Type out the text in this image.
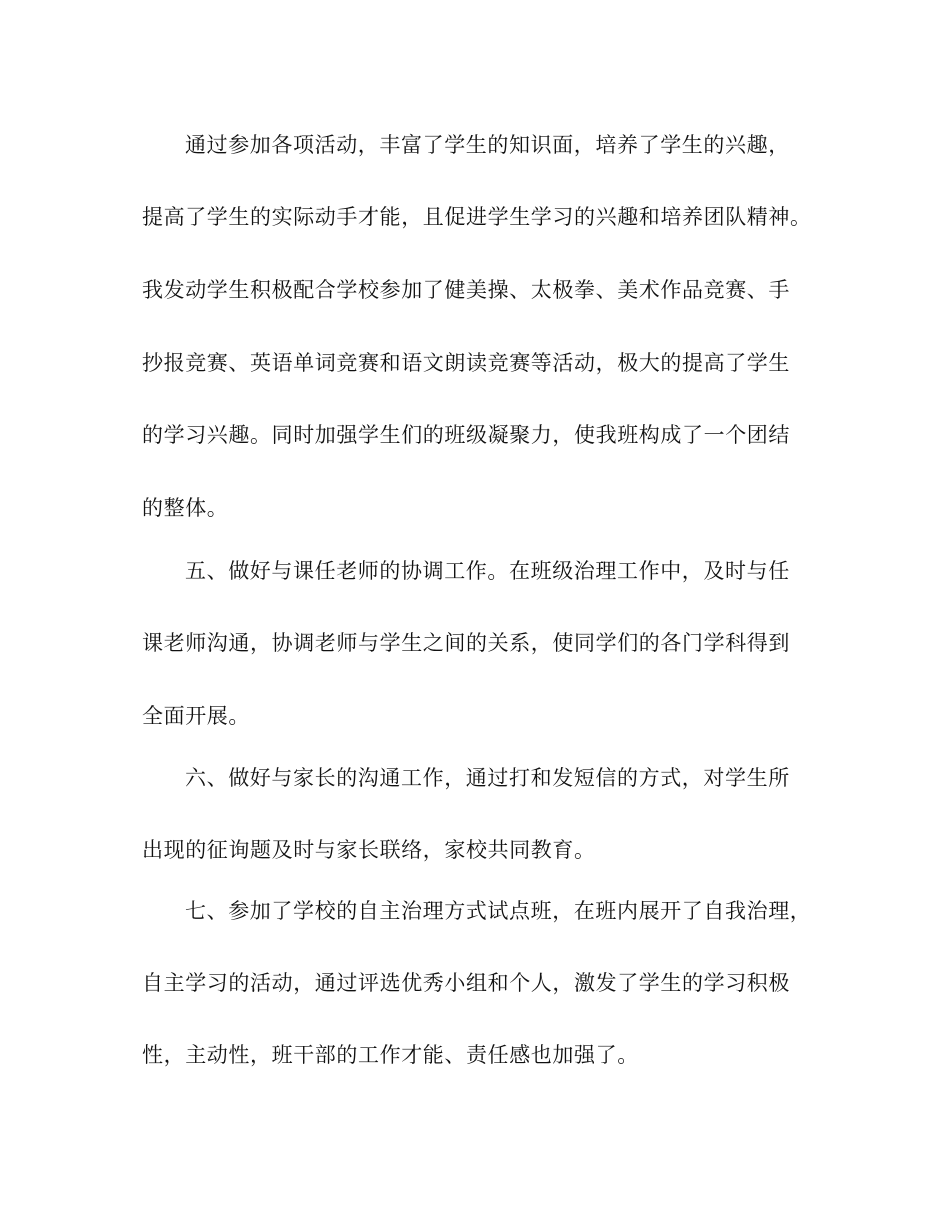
通过参加各项活动，丰富了学生的知识面，培养了学生的兴趣，
提高了学生的实际动手才能，且促进学生学习的兴趣和培养团队精神。
我发动学生积极配合学校参加了健美操、太极拳、美术作品竞赛、手
抄报竞赛、英语单词竞赛和语文朗读竞赛等活动，极大的提高了学生
的学习兴趣。同时加强学生们的班级凝聚力，使我班构成了一个团结
的整体。
五、做好与课任老师的协调工作。在班级治理工作中，及时与任
课老师沟通，协调老师与学生之间的关系，使同学们的各门学科得到
全面开展。
六、做好与家长的沟通工作，通过打和发短信的方式，对学生所
出现的征询题及时与家长联络，家校共同教育。
七、参加了学校的自主治理方式试点班，在班内展开了自我治理，
自主学习的活动，通过评选优秀小组和个人，激发了学生的学习积极
性，主动性，班干部的工作才能、责任感也加强了。
